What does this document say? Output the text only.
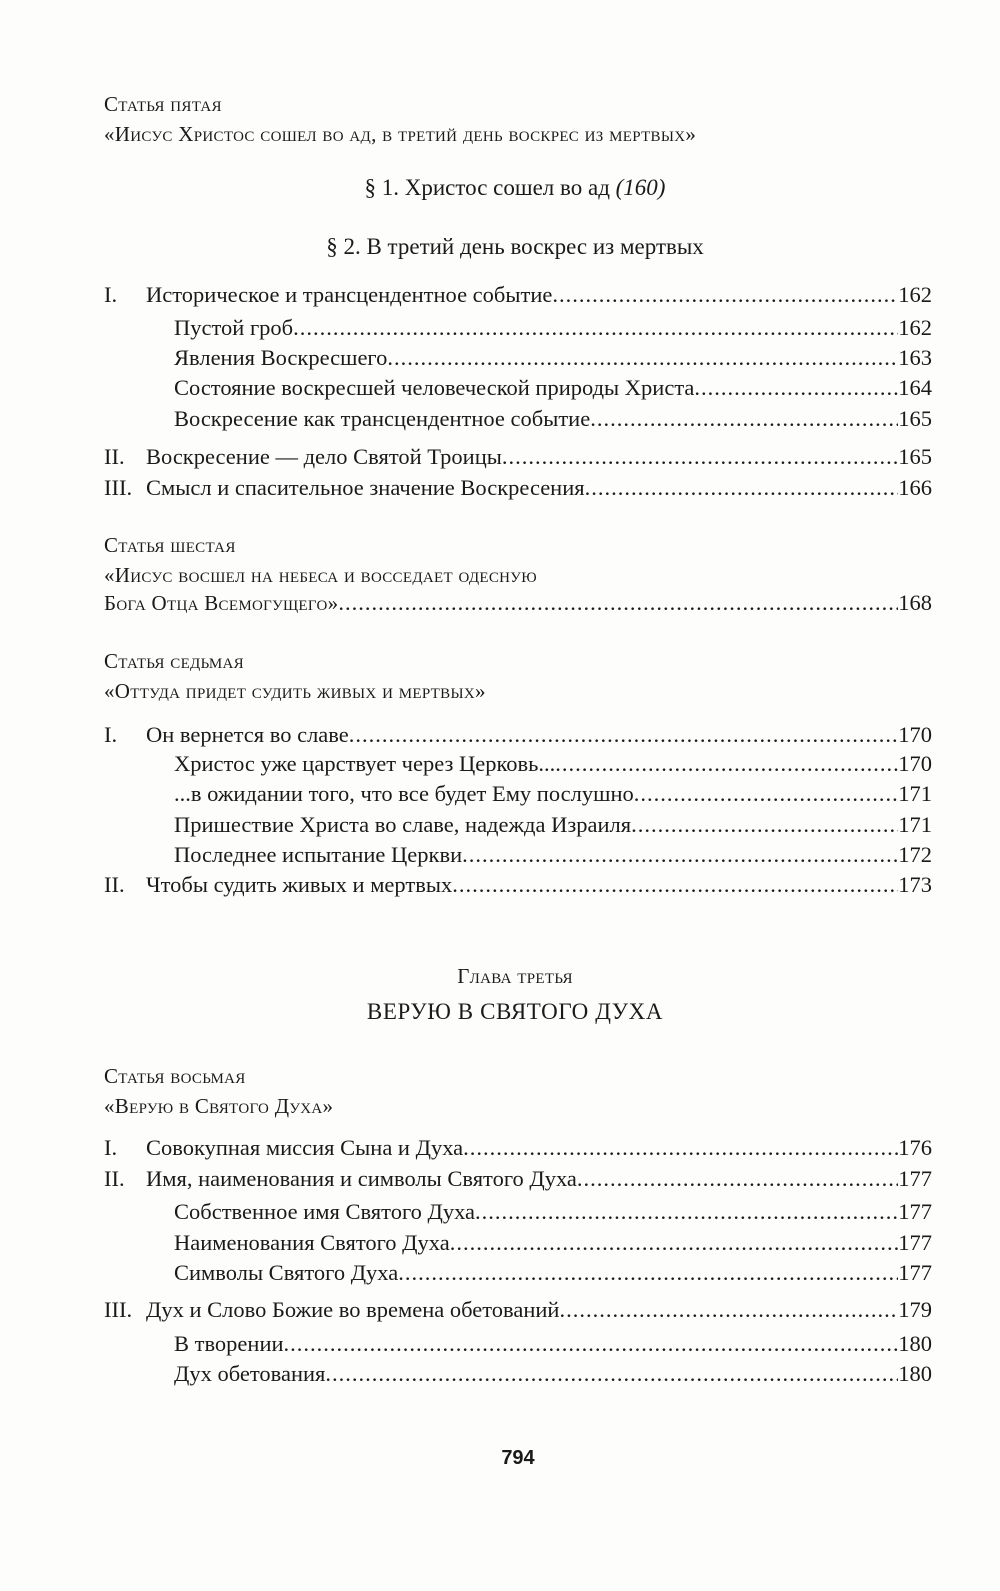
Статья пятая
«Иисус Христос сошел во ад, в третий день воскрес из мертвых»
§ 1. Христос сошел во ад (160)
§ 2. В третий день воскрес из мертвых
I.	Историческое и трансцендентное событие .....	162
Пустой гроб .....	162
Явления Воскресшего .....	163
Состояние воскресшей человеческой природы Христа .....	164
Воскресение как трансцендентное событие .....	165
II. Воскресение — дело Святой Троицы .....	165
III. Смысл и спасительное значение Воскресения .....	166
Статья шестая
«Иисус восшел на небеса и восседает одесную
Бога Отца Всемогущего» .....	168
Статья седьмая
«Оттуда придет судить живых и мертвых»
I.	Он вернется во славе .....	170
Христос уже царствует через Церковь... .....	170
...в ожидании того, что все будет Ему послушно .....	171
Пришествие Христа во славе, надежда Израиля .....	171
Последнее испытание Церкви .....	172
II. Чтобы судить живых и мертвых .....	173
Глава третья
ВЕРУЮ В СВЯТОГО ДУХА
Статья восьмая
«Верую в Святого Духа»
I.	Совокупная миссия Сына и Духа .....	176
II. Имя, наименования и символы Святого Духа .....	177
Собственное имя Святого Духа .....	177
Наименования Святого Духа .....	177
Символы Святого Духа .....	177
III. Дух и Слово Божие во времена обетований .....	179
В творении .....	180
Дух обетования .....	180
794
